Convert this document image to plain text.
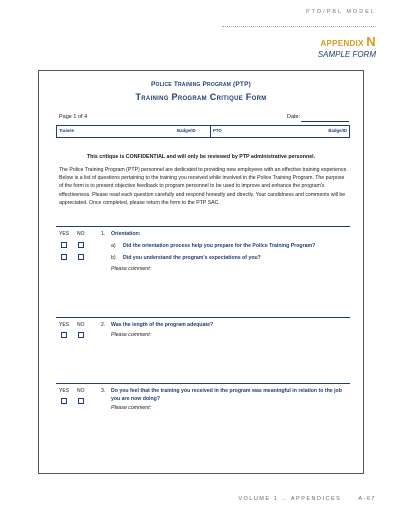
PTO/PBL MODEL
APPENDIX N
SAMPLE FORM
Police Training Program (PTP)
Training Program Critique Form
Page 1 of 4	Date:
Trainee	Badge/ID	PTO	Badge/ID
This critique is CONFIDENTIAL and will only be reviewed by PTP administrative personnel.
The Police Training Program (PTP) personnel are dedicated to providing new employees with an effective training experience. Below is a list of questions pertaining to the training you received while involved in the Police Training Program. The purpose of the form is to present objective feedback to program personnel to be used to improve and enhance the program's effectiveness. Please read each question carefully and respond honestly and directly. Your candidness and comments will be appreciated. Once completed, please return the form to the PTP SAC.
YES NO	1. Orientation:
a) Did the orientation process help you prepare for the Police Training Program?
b) Did you understand the program's expectations of you?
Please comment:
YES NO	2. Was the length of the program adequate?
Please comment:
YES NO	3. Do you feel that the training you received in the program was meaningful in relation to the job you are now doing?
Please comment:
VOLUME 1 … APPENDICES	A-67
